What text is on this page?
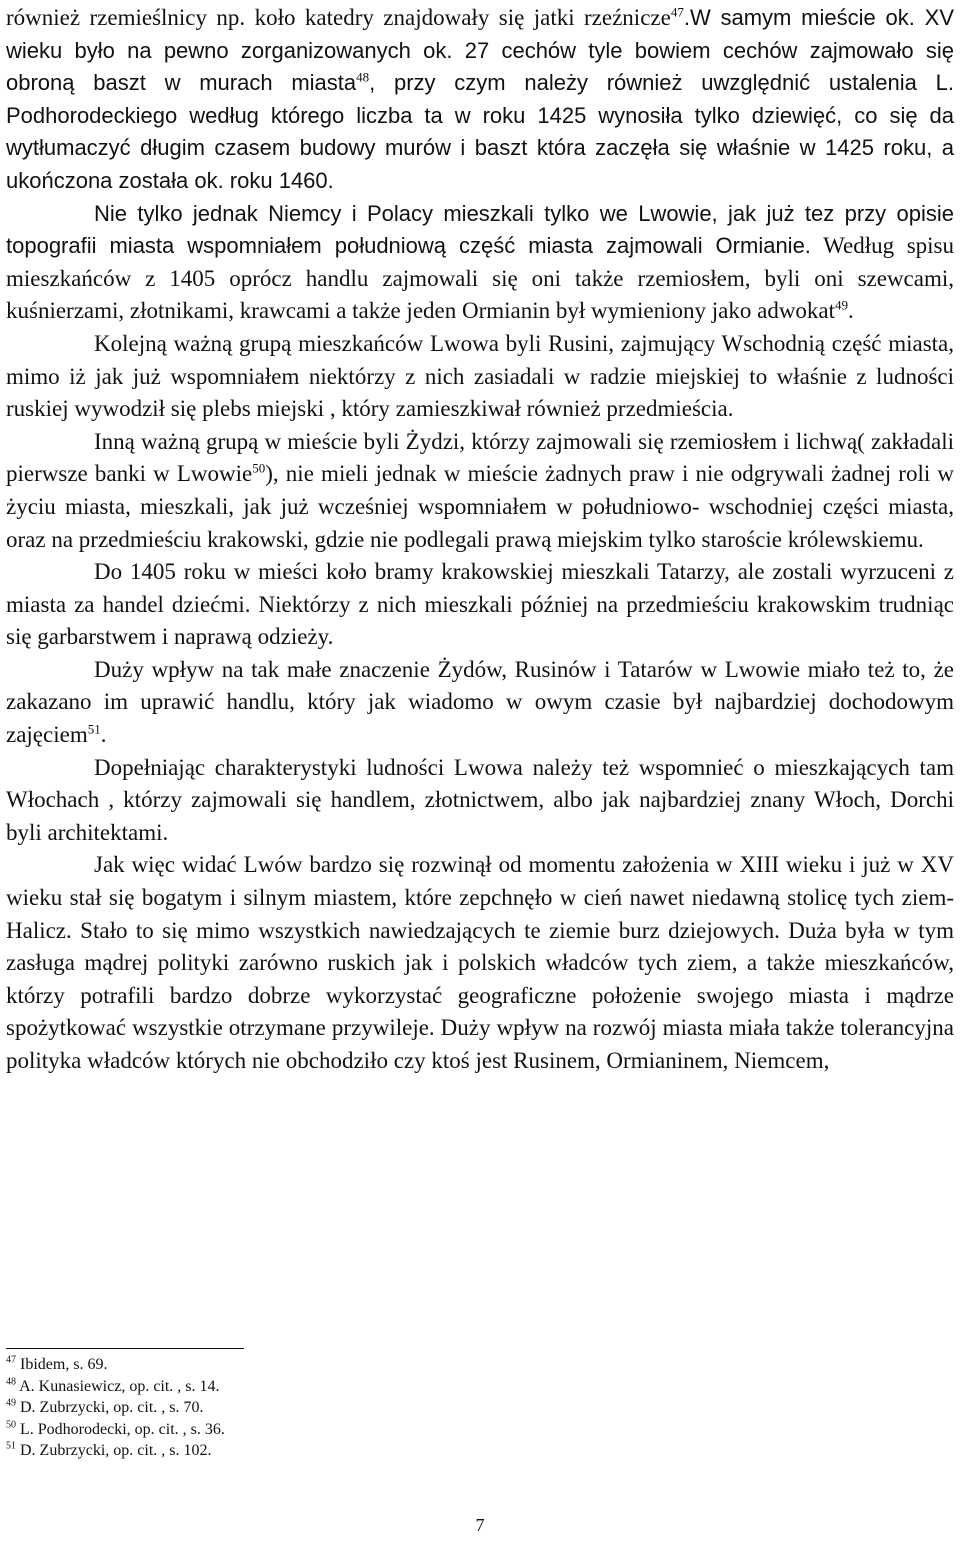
również rzemieślnicy np. koło katedry znajdowały się jatki rzeźnicze$^{47}$.W samym mieście ok. XV wieku było na pewno zorganizowanych ok. 27 cechów tyle bowiem cechów zajmowało się obroną baszt w murach miasta$^{48}$, przy czym należy również uwzględnić ustalenia L. Podhorodeckiego według którego liczba ta w roku 1425 wynosiła tylko dziewięć, co się da wytłumaczyć długim czasem budowy murów i baszt która zaczęła się właśnie w 1425 roku, a ukończona została ok. roku 1460.

Nie tylko jednak Niemcy i Polacy mieszkali tylko we Lwowie, jak już tez przy opisie topografii miasta wspomniałem południową część miasta zajmowali Ormianie. Według spisu mieszkańców z 1405 oprócz handlu zajmowali się oni także rzemiosłem, byli oni szewcami, kuśnierzami, złotnikami, krawcami a także jeden Ormianin był wymieniony jako adwokat$^{49}$.

Kolejną ważną grupą mieszkańców Lwowa byli Rusini, zajmujący Wschodnią część miasta, mimo iż jak już wspomniałem niektórzy z nich zasiadali w radzie miejskiej to właśnie z ludności ruskiej wywodził się plebs miejski , który zamieszkiwał również przedmieścia.

Inną ważną grupą w mieście byli Żydzi, którzy zajmowali się rzemiosłem i lichwą( zakładali pierwsze banki w Lwowie$^{50}$), nie mieli jednak w mieście żadnych praw i nie odgrywali żadnej roli w życiu miasta, mieszkali, jak już wcześniej wspomniałem w południowo- wschodniej części miasta, oraz na przedmieściu krakowski, gdzie nie podlegali prawą miejskim tylko staroście królewskiemu.

Do 1405 roku w mieści koło bramy krakowskiej mieszkali Tatarzy, ale zostali wyrzuceni z miasta za handel dziećmi. Niektórzy z nich mieszkali później na przedmieściu krakowskim trudniąc się garbarstwem i naprawą odzieży.

Duży wpływ na tak małe znaczenie Żydów, Rusinów i Tatarów w Lwowie miało też to, że zakazano im uprawić handlu, który jak wiadomo w owym czasie był najbardziej dochodowym zajęciem$^{51}$.

Dopełniając charakterystyki ludności Lwowa należy też wspomnieć o mieszkających tam Włochach , którzy zajmowali się handlem, złotnictwem, albo jak najbardziej znany Włoch, Dorchi byli architektami.

Jak więc widać Lwów bardzo się rozwinął od momentu założenia w XIII wieku i już w XV wieku stał się bogatym i silnym miastem, które zepchnęło w cień nawet niedawną stolicę tych ziem- Halicz. Stało to się mimo wszystkich nawiedzających te ziemie burz dziejowych. Duża była w tym zasługa mądrej polityki zarówno ruskich jak i polskich władców tych ziem, a także mieszkańców, którzy potrafili bardzo dobrze wykorzystać geograficzne położenie swojego miasta i mądrze spożytkować wszystkie otrzymane przywileje. Duży wpływ na rozwój miasta miała także tolerancyjna polityka władców których nie obchodziło czy ktoś jest Rusinem, Ormianinem, Niemcem,

$^{47}$ Ibidem, s. 69.
$^{48}$ A. Kunasiewicz, op. cit. , s. 14.
$^{49}$ D. Zubrzycki, op. cit. , s. 70.
$^{50}$ L. Podhorodecki, op. cit. , s. 36.
$^{51}$ D. Zubrzycki, op. cit. , s. 102.
7
